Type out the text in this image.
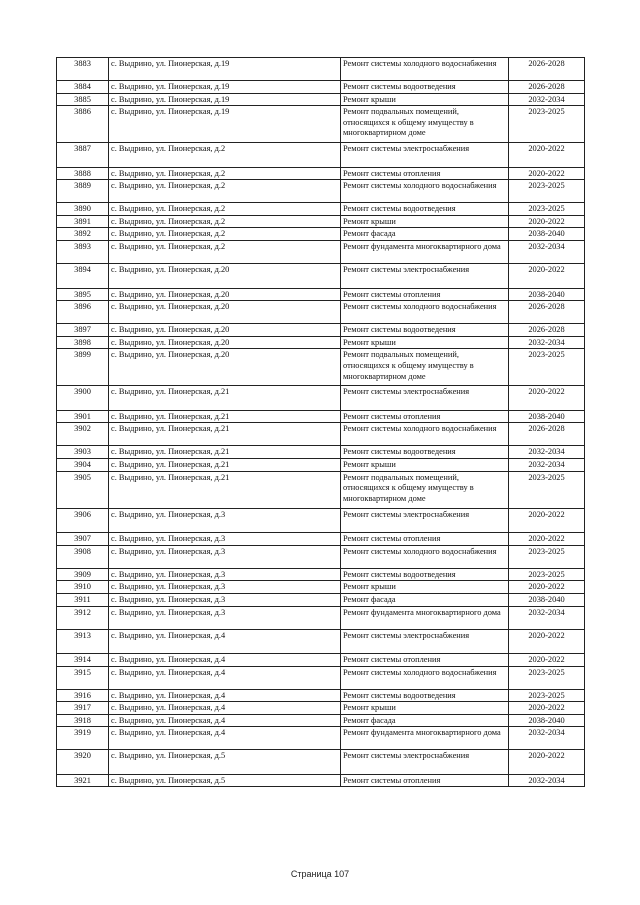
3883	с. Выдрино, ул. Пионерская, д.19	Ремонт системы холодного водоснабжения	2026-2028
3884	с. Выдрино, ул. Пионерская, д.19	Ремонт системы водоотведения	2026-2028
3885	с. Выдрино, ул. Пионерская, д.19	Ремонт крыши	2032-2034
3886	с. Выдрино, ул. Пионерская, д.19	Ремонт подвальных помещений, относящихся к общему имуществу в многоквартирном доме	2023-2025
3887	с. Выдрино, ул. Пионерская, д.2	Ремонт системы электроснабжения	2020-2022
3888	с. Выдрино, ул. Пионерская, д.2	Ремонт системы отопления	2020-2022
3889	с. Выдрино, ул. Пионерская, д.2	Ремонт системы холодного водоснабжения	2023-2025
3890	с. Выдрино, ул. Пионерская, д.2	Ремонт системы водоотведения	2023-2025
3891	с. Выдрино, ул. Пионерская, д.2	Ремонт крыши	2020-2022
3892	с. Выдрино, ул. Пионерская, д.2	Ремонт фасада	2038-2040
3893	с. Выдрино, ул. Пионерская, д.2	Ремонт фундамента многоквартирного дома	2032-2034
3894	с. Выдрино, ул. Пионерская, д.20	Ремонт системы электроснабжения	2020-2022
3895	с. Выдрино, ул. Пионерская, д.20	Ремонт системы отопления	2038-2040
3896	с. Выдрино, ул. Пионерская, д.20	Ремонт системы холодного водоснабжения	2026-2028
3897	с. Выдрино, ул. Пионерская, д.20	Ремонт системы водоотведения	2026-2028
3898	с. Выдрино, ул. Пионерская, д.20	Ремонт крыши	2032-2034
3899	с. Выдрино, ул. Пионерская, д.20	Ремонт подвальных помещений, относящихся к общему имуществу в многоквартирном доме	2023-2025
3900	с. Выдрино, ул. Пионерская, д.21	Ремонт системы электроснабжения	2020-2022
3901	с. Выдрино, ул. Пионерская, д.21	Ремонт системы отопления	2038-2040
3902	с. Выдрино, ул. Пионерская, д.21	Ремонт системы холодного водоснабжения	2026-2028
3903	с. Выдрино, ул. Пионерская, д.21	Ремонт системы водоотведения	2032-2034
3904	с. Выдрино, ул. Пионерская, д.21	Ремонт крыши	2032-2034
3905	с. Выдрино, ул. Пионерская, д.21	Ремонт подвальных помещений, относящихся к общему имуществу в многоквартирном доме	2023-2025
3906	с. Выдрино, ул. Пионерская, д.3	Ремонт системы электроснабжения	2020-2022
3907	с. Выдрино, ул. Пионерская, д.3	Ремонт системы отопления	2020-2022
3908	с. Выдрино, ул. Пионерская, д.3	Ремонт системы холодного водоснабжения	2023-2025
3909	с. Выдрино, ул. Пионерская, д.3	Ремонт системы водоотведения	2023-2025
3910	с. Выдрино, ул. Пионерская, д.3	Ремонт крыши	2020-2022
3911	с. Выдрино, ул. Пионерская, д.3	Ремонт фасада	2038-2040
3912	с. Выдрино, ул. Пионерская, д.3	Ремонт фундамента многоквартирного дома	2032-2034
3913	с. Выдрино, ул. Пионерская, д.4	Ремонт системы электроснабжения	2020-2022
3914	с. Выдрино, ул. Пионерская, д.4	Ремонт системы отопления	2020-2022
3915	с. Выдрино, ул. Пионерская, д.4	Ремонт системы холодного водоснабжения	2023-2025
3916	с. Выдрино, ул. Пионерская, д.4	Ремонт системы водоотведения	2023-2025
3917	с. Выдрино, ул. Пионерская, д.4	Ремонт крыши	2020-2022
3918	с. Выдрино, ул. Пионерская, д.4	Ремонт фасада	2038-2040
3919	с. Выдрино, ул. Пионерская, д.4	Ремонт фундамента многоквартирного дома	2032-2034
3920	с. Выдрино, ул. Пионерская, д.5	Ремонт системы электроснабжения	2020-2022
3921	с. Выдрино, ул. Пионерская, д.5	Ремонт системы отопления	2032-2034
Страница 107
